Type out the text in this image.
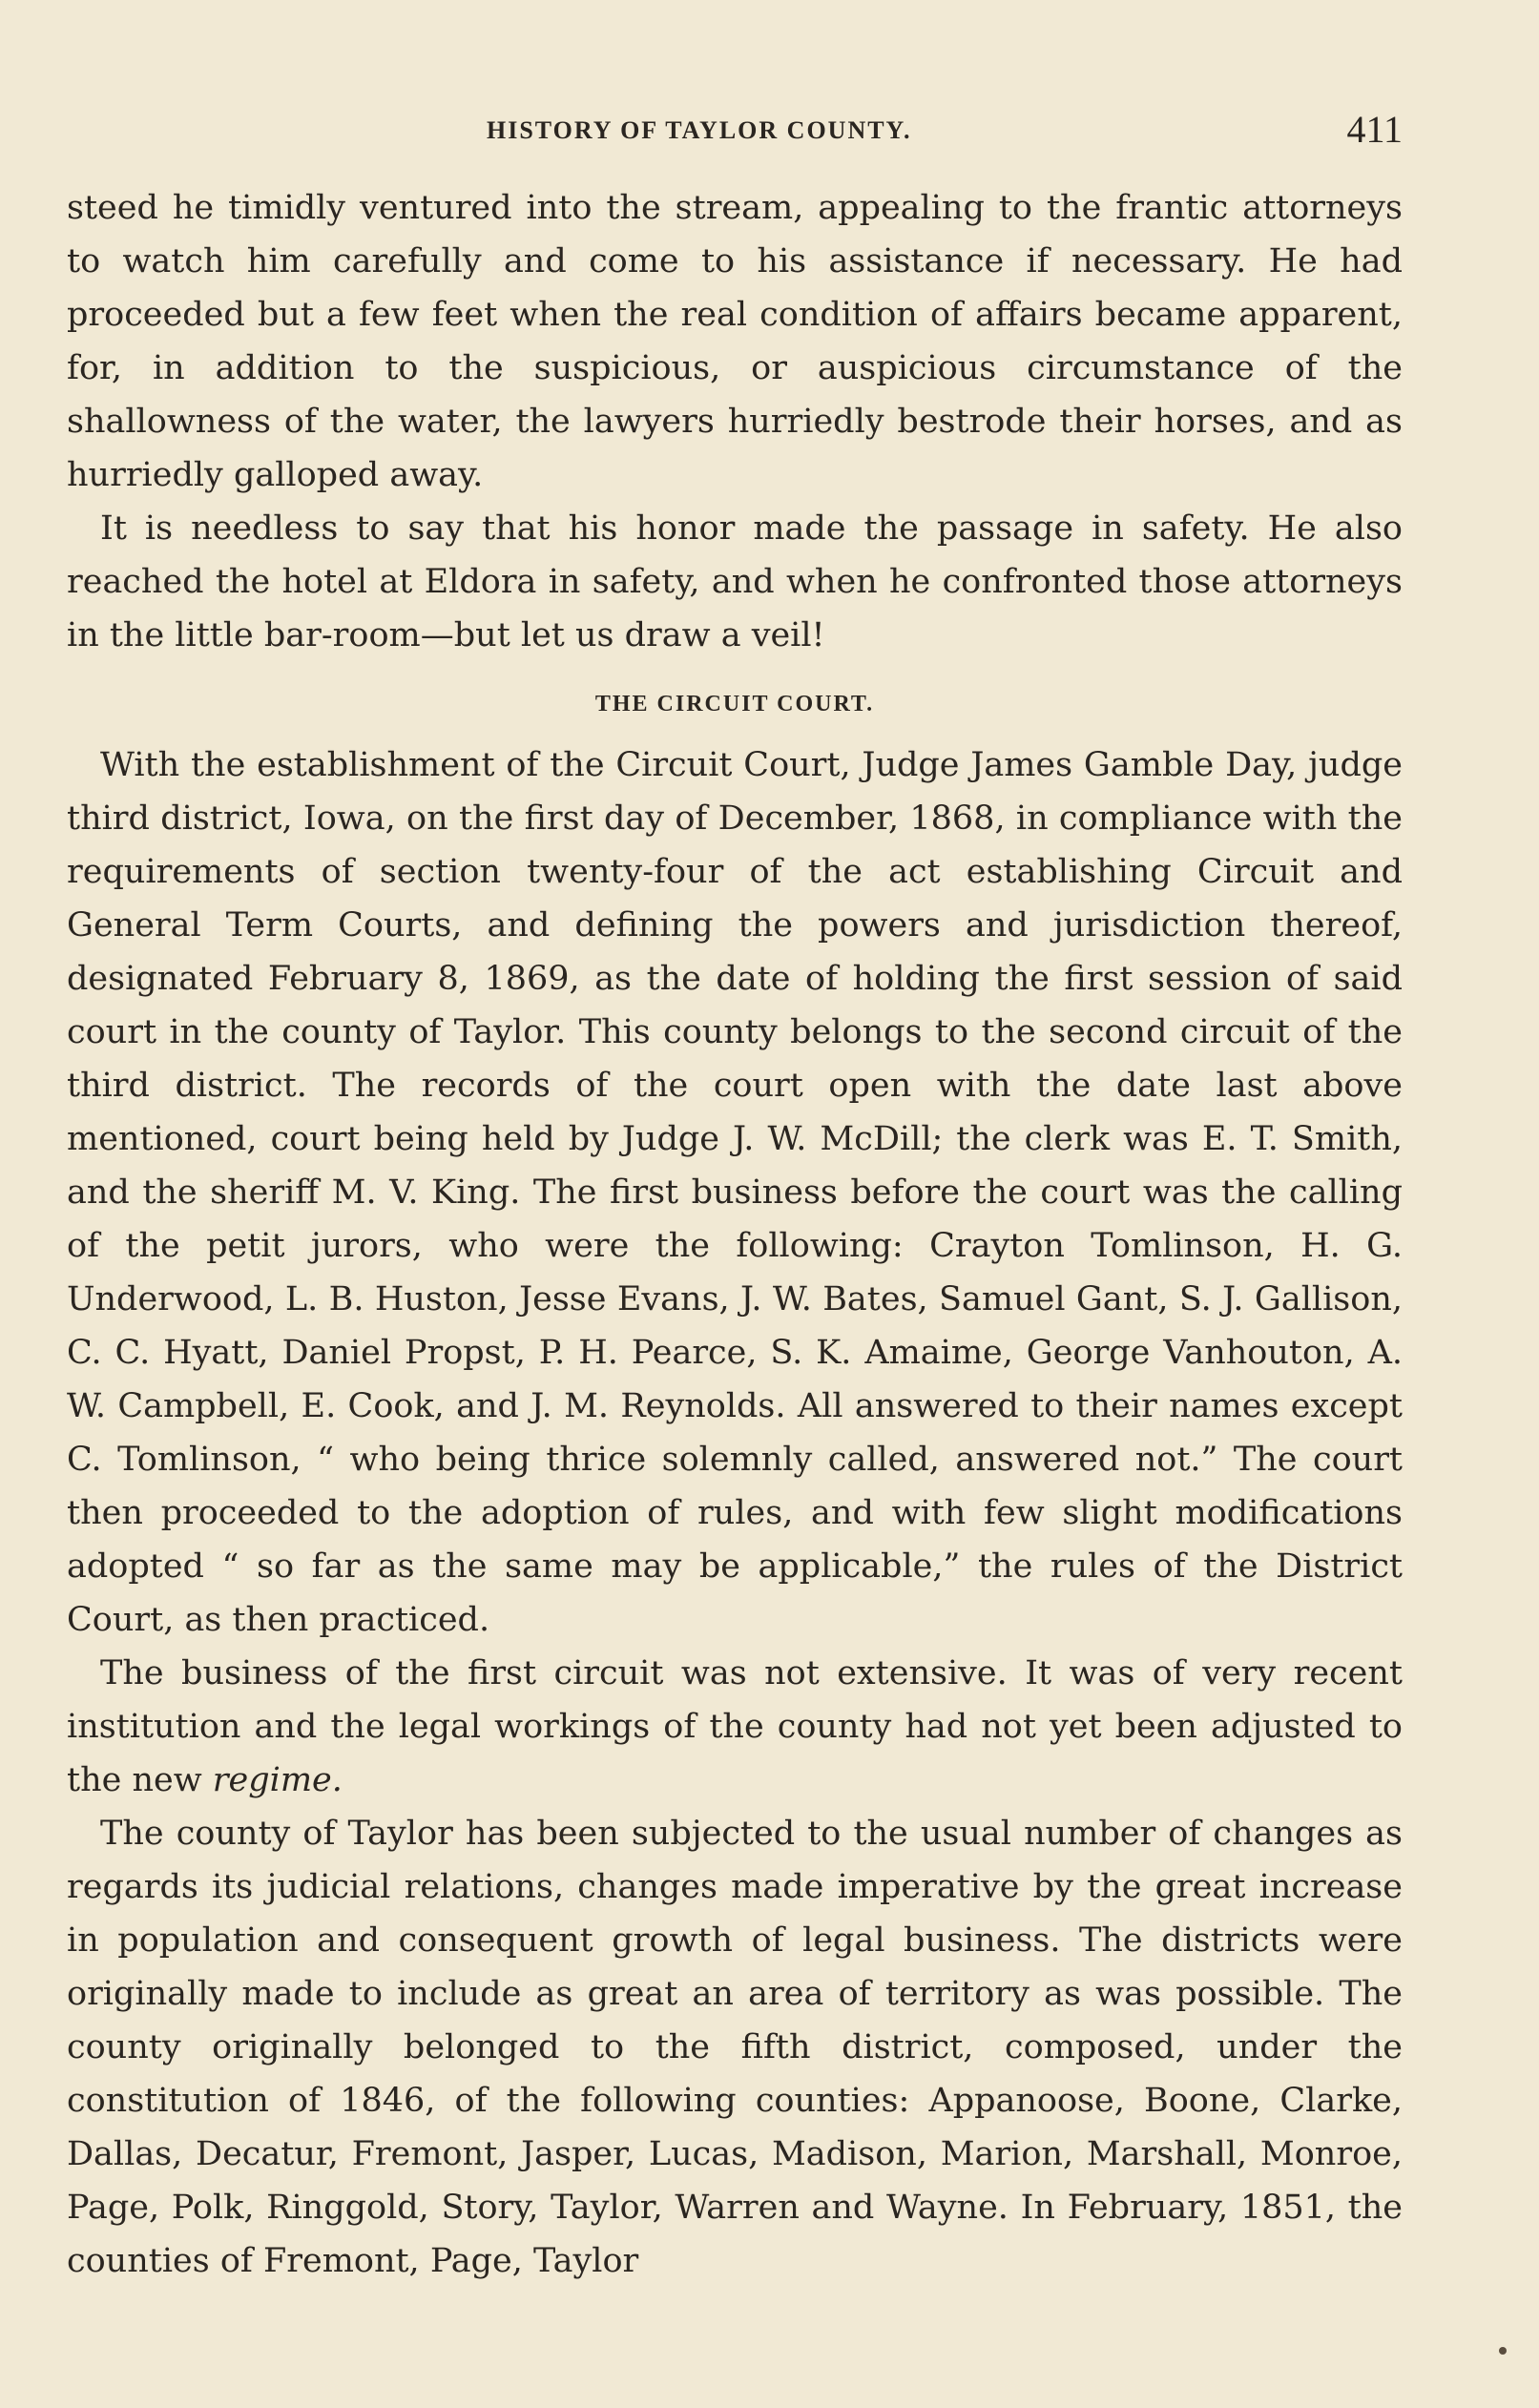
HISTORY OF TAYLOR COUNTY.	411

steed he timidly ventured into the stream, appealing to the frantic attorneys to watch him carefully and come to his assistance if necessary. He had proceeded but a few feet when the real condition of affairs became apparent, for, in addition to the suspicious, or auspicious circumstance of the shallowness of the water, the lawyers hurriedly bestrode their horses, and as hurriedly galloped away.

It is needless to say that his honor made the passage in safety. He also reached the hotel at Eldora in safety, and when he confronted those attorneys in the little bar-room—but let us draw a veil!

THE CIRCUIT COURT.

With the establishment of the Circuit Court, Judge James Gamble Day, judge third district, Iowa, on the first day of December, 1868, in compliance with the requirements of section twenty-four of the act establishing Circuit and General Term Courts, and defining the powers and jurisdiction thereof, designated February 8, 1869, as the date of holding the first session of said court in the county of Taylor. This county belongs to the second circuit of the third district. The records of the court open with the date last above mentioned, court being held by Judge J. W. McDill; the clerk was E. T. Smith, and the sheriff M. V. King. The first business before the court was the calling of the petit jurors, who were the following: Crayton Tomlinson, H. G. Underwood, L. B. Huston, Jesse Evans, J. W. Bates, Samuel Gant, S. J. Gallison, C. C. Hyatt, Daniel Propst, P. H. Pearce, S. K. Amaime, George Vanhouton, A. W. Campbell, E. Cook, and J. M. Reynolds. All answered to their names except C. Tomlinson, “ who being thrice solemnly called, answered not.” The court then proceeded to the adoption of rules, and with few slight modifications adopted “ so far as the same may be applicable,” the rules of the District Court, as then practiced.

The business of the first circuit was not extensive. It was of very recent institution and the legal workings of the county had not yet been adjusted to the new regime.

The county of Taylor has been subjected to the usual number of changes as regards its judicial relations, changes made imperative by the great increase in population and consequent growth of legal business. The districts were originally made to include as great an area of territory as was possible. The county originally belonged to the fifth district, composed, under the constitution of 1846, of the following counties: Appanoose, Boone, Clarke, Dallas, Decatur, Fremont, Jasper, Lucas, Madison, Marion, Marshall, Monroe, Page, Polk, Ringgold, Story, Taylor, Warren and Wayne. In February, 1851, the counties of Fremont, Page, Taylor
